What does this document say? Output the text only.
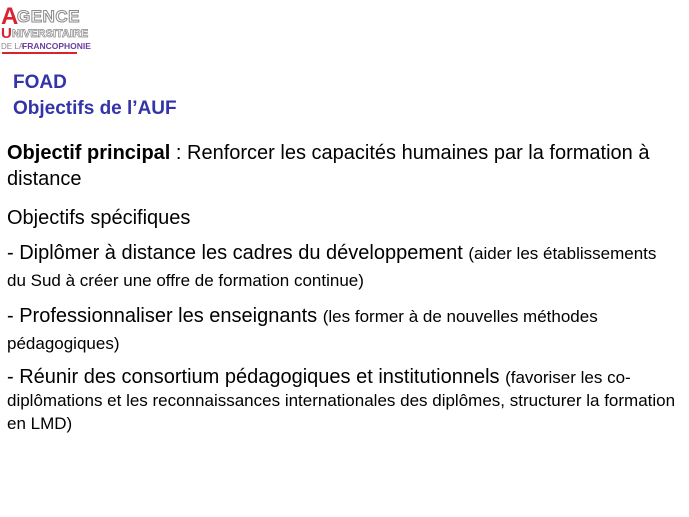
A
GENCE
U NIVERSITAIRE
DE LA
FRANCOPHONIE
FOAD
Objectifs de l’AUF

Objectif principal : Renforcer les capacités humaines par la formation à distance

Objectifs spécifiques

- Diplômer à distance les cadres du développement (aider les établissements du Sud à créer une offre de formation continue)

- Professionnaliser les enseignants (les former à de nouvelles méthodes pédagogiques)

- Réunir des consortium pédagogiques et institutionnels (favoriser les co-diplômations et les reconnaissances internationales des diplômes, structurer la formation en LMD)
